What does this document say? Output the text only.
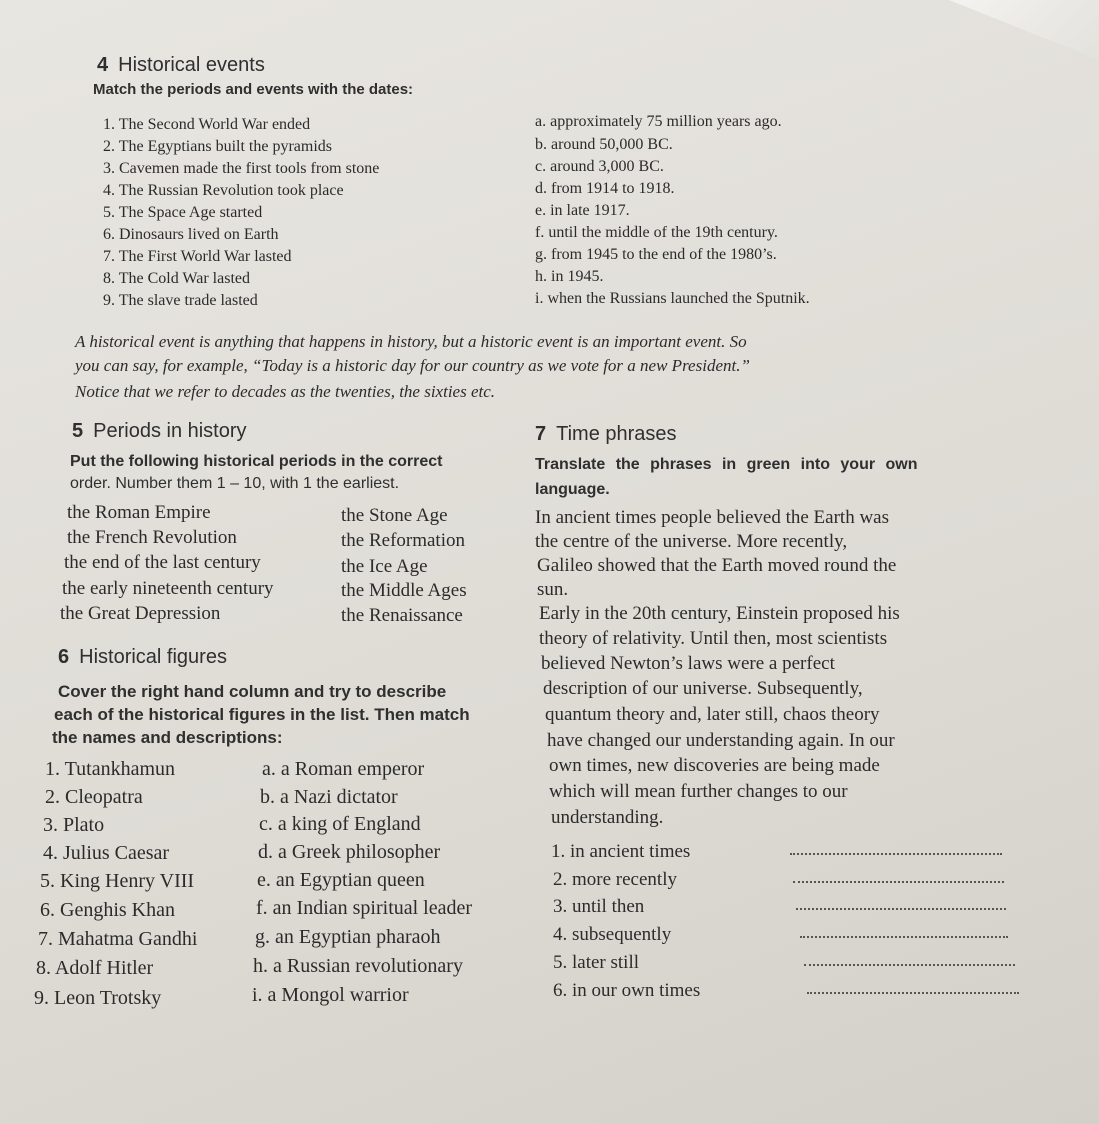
4 Historical events
Match the periods and events with the dates:
1. The Second World War ended
2. The Egyptians built the pyramids
3. Cavemen made the first tools from stone
4. The Russian Revolution took place
5. The Space Age started
6. Dinosaurs lived on Earth
7. The First World War lasted
8. The Cold War lasted
9. The slave trade lasted
a. approximately 75 million years ago.
b. around 50,000 BC.
c. around 3,000 BC.
d. from 1914 to 1918.
e. in late 1917.
f. until the middle of the 19th century.
g. from 1945 to the end of the 1980’s.
h. in 1945.
i. when the Russians launched the Sputnik.
A historical event is anything that happens in history, but a historic event is an important event. So
you can say, for example, “Today is a historic day for our country as we vote for a new President.”
Notice that we refer to decades as the twenties, the sixties etc.
5 Periods in history
Put the following historical periods in the correct
order. Number them 1 – 10, with 1 the earliest.
the Roman Empire
the French Revolution
the end of the last century
the early nineteenth century
the Great Depression
the Stone Age
the Reformation
the Ice Age
the Middle Ages
the Renaissance
6 Historical figures
Cover the right hand column and try to describe
each of the historical figures in the list. Then match
the names and descriptions:
1. Tutankhamun
2. Cleopatra
3. Plato
4. Julius Caesar
5. King Henry VIII
6. Genghis Khan
7. Mahatma Gandhi
8. Adolf Hitler
9. Leon Trotsky
a. a Roman emperor
b. a Nazi dictator
c. a king of England
d. a Greek philosopher
e. an Egyptian queen
f. an Indian spiritual leader
g. an Egyptian pharaoh
h. a Russian revolutionary
i. a Mongol warrior
7 Time phrases
Translate the phrases in green into your own
language.
In ancient times people believed the Earth was
the centre of the universe. More recently,
Galileo showed that the Earth moved round the
sun.
Early in the 20th century, Einstein proposed his
theory of relativity. Until then, most scientists
believed Newton’s laws were a perfect
description of our universe. Subsequently,
quantum theory and, later still, chaos theory
have changed our understanding again. In our
own times, new discoveries are being made
which will mean further changes to our
understanding.
1. in ancient times
2. more recently
3. until then
4. subsequently
5. later still
6. in our own times
